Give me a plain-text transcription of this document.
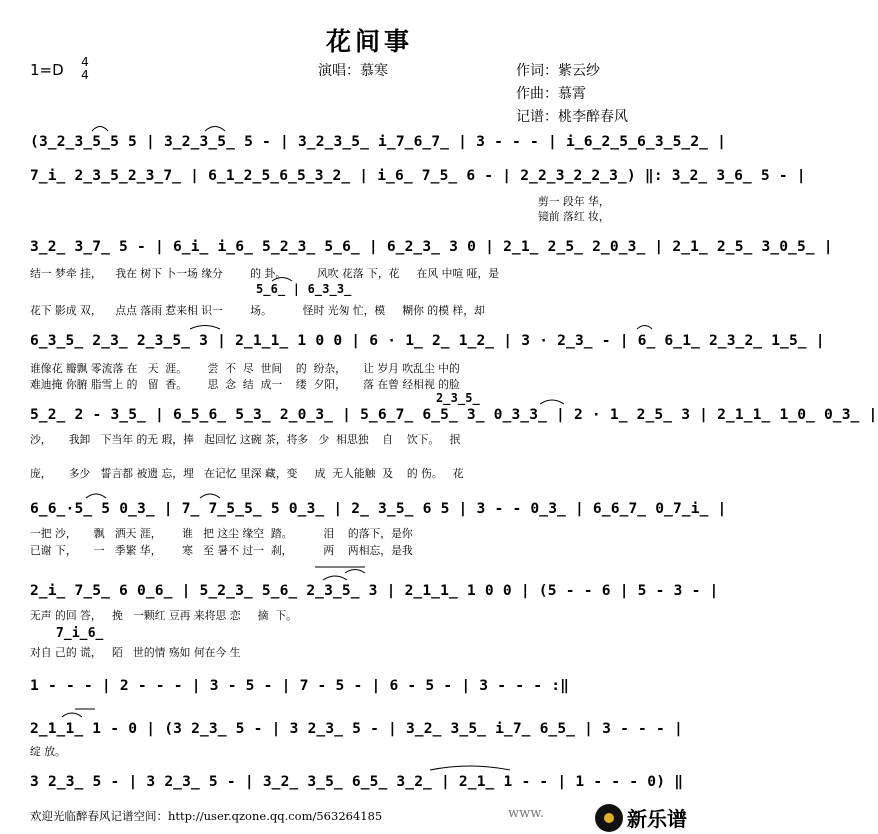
花间事
1=D 4
4	演唱：慕寒	作词：紫云纱
作曲：慕霄
记谱：桃李醉春风
(3̲2̲3̲5̲5 5 | 3̲2̲3̲5̲ 5 - | 3̲2̲3̲5̲ i̲7̲6̲7̲ | 3 - - - | i̲6̲2̲5̲6̲3̲5̲2̲ |
7̲i̲ 2̲3̲5̲2̲3̲7̲ | 6̲1̲2̲5̲6̲5̲3̲2̲ | i̲6̲ 7̲5̲ 6 - | 2̲2̲3̲2̲2̲3̲) ‖: 3̲2̲ 3̲6̲ 5 - |
剪一 段年 华，
镜前 落红 妆，
3̲2̲ 3̲7̲ 5 - | 6̲i̲ i̲6̲ 5̲2̲3̲ 5̲6̲ | 6̲2̲3̲ 3 0 | 2̲1̲ 2̲5̲ 2̲0̲3̲ | 2̲1̲ 2̲5̲ 3̲0̲5̲ |
结一 梦牵 挂，    我在 树下 卜一场 缘分        的 卦。         风吹 花落 下，花     在风 中喧 哑，是
5̲6̲ | 6̲3̲3̲
花下 影成 双，    点点 落雨 惹来相 识一        场。         怪时 光匆 忙，模     糊你 的模 样，却
6̲3̲5̲ 2̲3̲ 2̲3̲5̲ 3 | 2̲1̲1̲ 1 0 0 | 6 · 1̲ 2̲ 1̲2̲ | 3 · 2̲3̲ - | 6̲ 6̲1̲ 2̲3̲2̲ 1̲5̲ |
谁像花 瓣飘 零流落 在   天  涯。      尝  不  尽  世间    的  纷杂，     让 岁月 吹乱尘 中的
难迪掩 你腑 脂雪上 的   留  香。      思  念  结  成一    缕  夕阳，     落 在曾 经相视 的脸
2̲3̲5̲
5̲2̲ 2 - 3̲5̲ | 6̲5̲6̲ 5̲3̲ 2̲0̲3̲ | 5̲6̲7̲ 6̲5̲ 3̲ 0̲3̲3̲ | 2 · 1̲ 2̲5̲ 3 | 2̲1̲1̲ 1̲0̲ 0̲3̲ |
沙，     我卸   下当年 的无 瑕，捧   起回忆 这碗 茶，将多   少  相思独    自    饮下。   抿
庞，     多少   誓言都 被遗 忘，埋   在记忆 里深 藏，变     成  无人能触  及    的 伤。   花
6̲6̲·5̲ 5 0̲3̲ | 7̲ 7̲5̲5̲ 5 0̲3̲ | 2̲ 3̲5̲ 6 5 | 3 - - 0̲3̲ | 6̲6̲7̲ 0̲7̲i̲ |
一把 沙，     飘   洒天 涯，      谁   把 这尘 缘空  踏。         泪    的落下，是你
已谢 下，     一   季繁 华，      寒   至 暑不 过一  刹，         两    两相忘，是我
2̲i̲ 7̲5̲ 6 0̲6̲ | 5̲2̲3̲ 5̲6̲ 2̲3̲5̲ 3 | 2̲1̲1̲ 1 0 0 | (5 - - 6 | 5 - 3 - |
无声 的回 答，   挽   一颗红 豆再 来将思 恋     摘  下。
7̲i̲6̲
对自 己的 谎，   陌   世的情 殇如 何在今 生
1 - - - | 2 - - - | 3 - 5 - | 7 - 5 - | 6 - 5 - | 3 - - - :‖
2̲1̲1̲ 1 - 0 | (3 2̲3̲ 5 - | 3 2̲3̲ 5 - | 3̲2̲ 3̲5̲ i̲7̲ 6̲5̲ | 3 - - - |
绽 放。
3 2̲3̲ 5 - | 3 2̲3̲ 5 - | 3̲2̲ 3̲5̲ 6̲5̲ 3̲2̲ | 2̲1̲ 1 - - | 1 - - - 0) ‖
欢迎光临醉春风记谱空间：http://user.qzone.qq.com/563264185	www.	新乐谱
